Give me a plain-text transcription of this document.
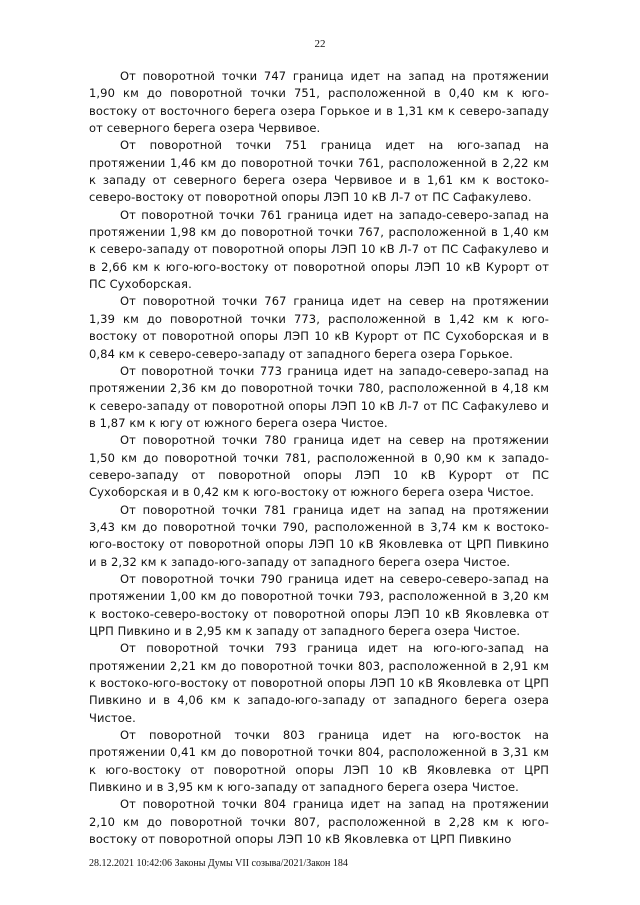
22

От поворотной точки 747 граница идет на запад на протяжении 1,90 км до поворотной точки 751, расположенной в 0,40 км к юго-востоку от восточного берега озера Горькое и в 1,31 км к северо-западу от северного берега озера Червивое.

От поворотной точки 751 граница идет на юго-запад на протяжении 1,46 км до поворотной точки 761, расположенной в 2,22 км к западу от северного берега озера Червивое и в 1,61 км к востоко-северо-востоку от поворотной опоры ЛЭП 10 кВ Л-7 от ПС Сафакулево.

От поворотной точки 761 граница идет на западо-северо-запад на протяжении 1,98 км до поворотной точки 767, расположенной в 1,40 км к северо-западу от поворотной опоры ЛЭП 10 кВ Л-7 от ПС Сафакулево и в 2,66 км к юго-юго-востоку от поворотной опоры ЛЭП 10 кВ Курорт от ПС Сухоборская.

От поворотной точки 767 граница идет на север на протяжении 1,39 км до поворотной точки 773, расположенной в 1,42 км к юго-востоку от поворотной опоры ЛЭП 10 кВ Курорт от ПС Сухоборская и в 0,84 км к северо-северо-западу от западного берега озера Горькое.

От поворотной точки 773 граница идет на западо-северо-запад на протяжении 2,36 км до поворотной точки 780, расположенной в 4,18 км к северо-западу от поворотной опоры ЛЭП 10 кВ Л-7 от ПС Сафакулево и в 1,87 км к югу от южного берега озера Чистое.

От поворотной точки 780 граница идет на север на протяжении 1,50 км до поворотной точки 781, расположенной в 0,90 км к западо-северо-западу от поворотной опоры ЛЭП 10 кВ Курорт от ПС Сухоборская и в 0,42 км к юго-востоку от южного берега озера Чистое.

От поворотной точки 781 граница идет на запад на протяжении 3,43 км до поворотной точки 790, расположенной в 3,74 км к востоко-юго-востоку от поворотной опоры ЛЭП 10 кВ Яковлевка от ЦРП Пивкино и в 2,32 км к западо-юго-западу от западного берега озера Чистое.

От поворотной точки 790 граница идет на северо-северо-запад на протяжении 1,00 км до поворотной точки 793, расположенной в 3,20 км к востоко-северо-востоку от поворотной опоры ЛЭП 10 кВ Яковлевка от ЦРП Пивкино и в 2,95 км к западу от западного берега озера Чистое.

От поворотной точки 793 граница идет на юго-юго-запад на протяжении 2,21 км до поворотной точки 803, расположенной в 2,91 км к востоко-юго-востоку от поворотной опоры ЛЭП 10 кВ Яковлевка от ЦРП Пивкино и в 4,06 км к западо-юго-западу от западного берега озера Чистое.

От поворотной точки 803 граница идет на юго-восток на протяжении 0,41 км до поворотной точки 804, расположенной в 3,31 км к юго-востоку от поворотной опоры ЛЭП 10 кВ Яковлевка от ЦРП Пивкино и в 3,95 км к юго-западу от западного берега озера Чистое.

От поворотной точки 804 граница идет на запад на протяжении 2,10 км до поворотной точки 807, расположенной в 2,28 км к юго-востоку от поворотной опоры ЛЭП 10 кВ Яковлевка от ЦРП Пивкино

28.12.2021 10:42:06 Законы Думы VII созыва/2021/Закон 184
